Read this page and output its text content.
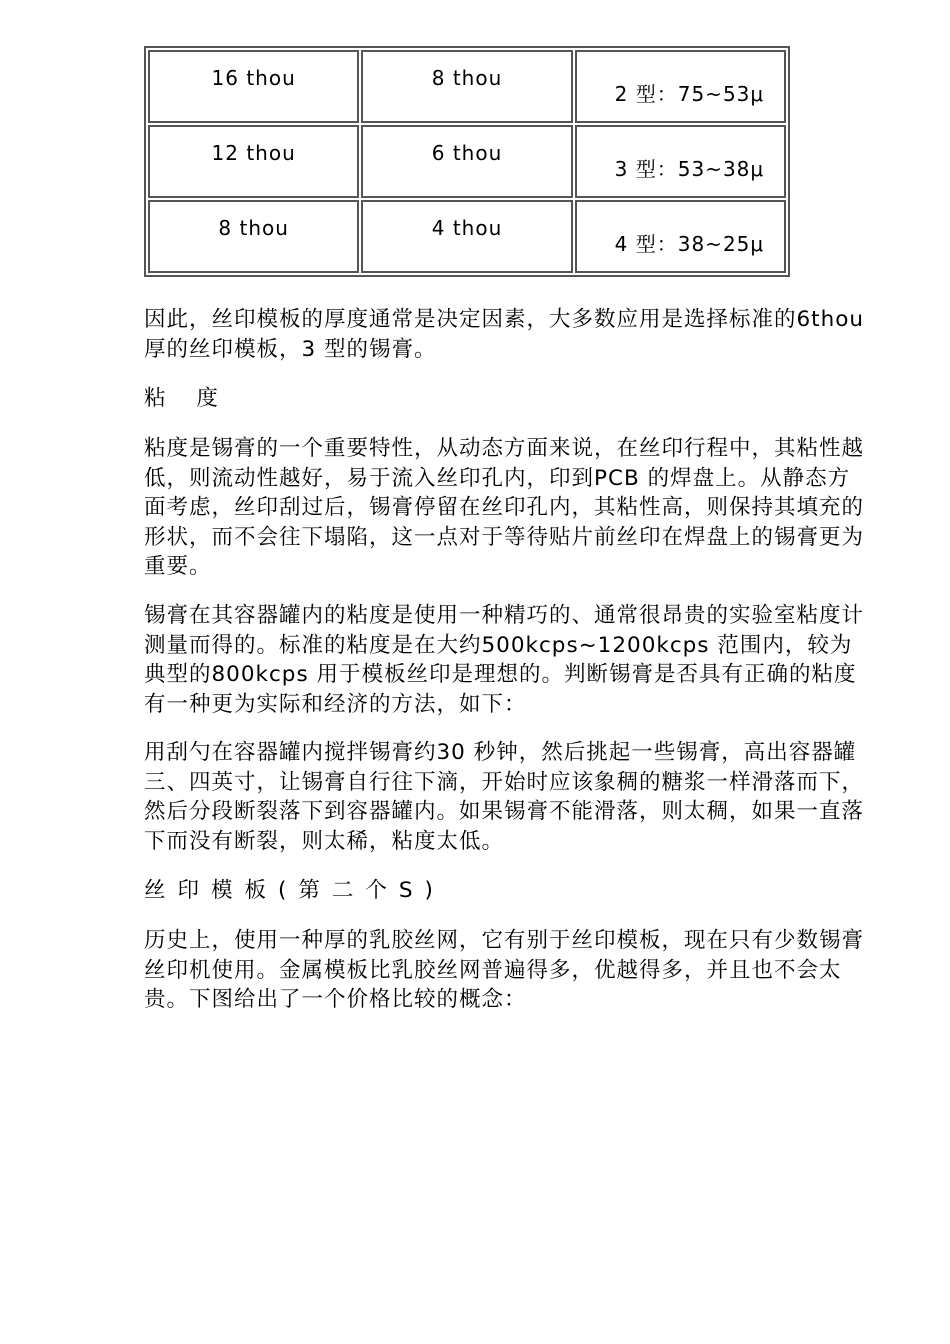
16 thou	8 thou	2 型：75~53μ

12 thou	6 thou	3 型：53~38μ

8 thou	4 thou	4 型：38~25μ
因此，丝印模板的厚度通常是决定因素，大多数应用是选择标准的6thou 厚的丝印模板，3 型的锡膏。
粘 度
粘度是锡膏的一个重要特性，从动态方面来说，在丝印行程中，其粘性越低，则流动性越好，易于流入丝印孔内，印到PCB 的焊盘上。从静态方面考虑，丝印刮过后，锡膏停留在丝印孔内，其粘性高，则保持其填充的形状，而不会往下塌陷，这一点对于等待贴片前丝印在焊盘上的锡膏更为重要。
锡膏在其容器罐内的粘度是使用一种精巧的、通常很昂贵的实验室粘度计测量而得的。标准的粘度是在大约500kcps~1200kcps 范围内，较为典型的800kcps 用于模板丝印是理想的。判断锡膏是否具有正确的粘度有一种更为实际和经济的方法，如下：
用刮勺在容器罐内搅拌锡膏约30 秒钟，然后挑起一些锡膏，高出容器罐三、四英寸，让锡膏自行往下滴，开始时应该象稠的糖浆一样滑落而下，然后分段断裂落下到容器罐内。如果锡膏不能滑落，则太稠，如果一直落下而没有断裂，则太稀，粘度太低。
丝印模板(第二个S)
历史上，使用一种厚的乳胶丝网，它有别于丝印模板，现在只有少数锡膏丝印机使用。金属模板比乳胶丝网普遍得多，优越得多，并且也不会太贵。下图给出了一个价格比较的概念：
